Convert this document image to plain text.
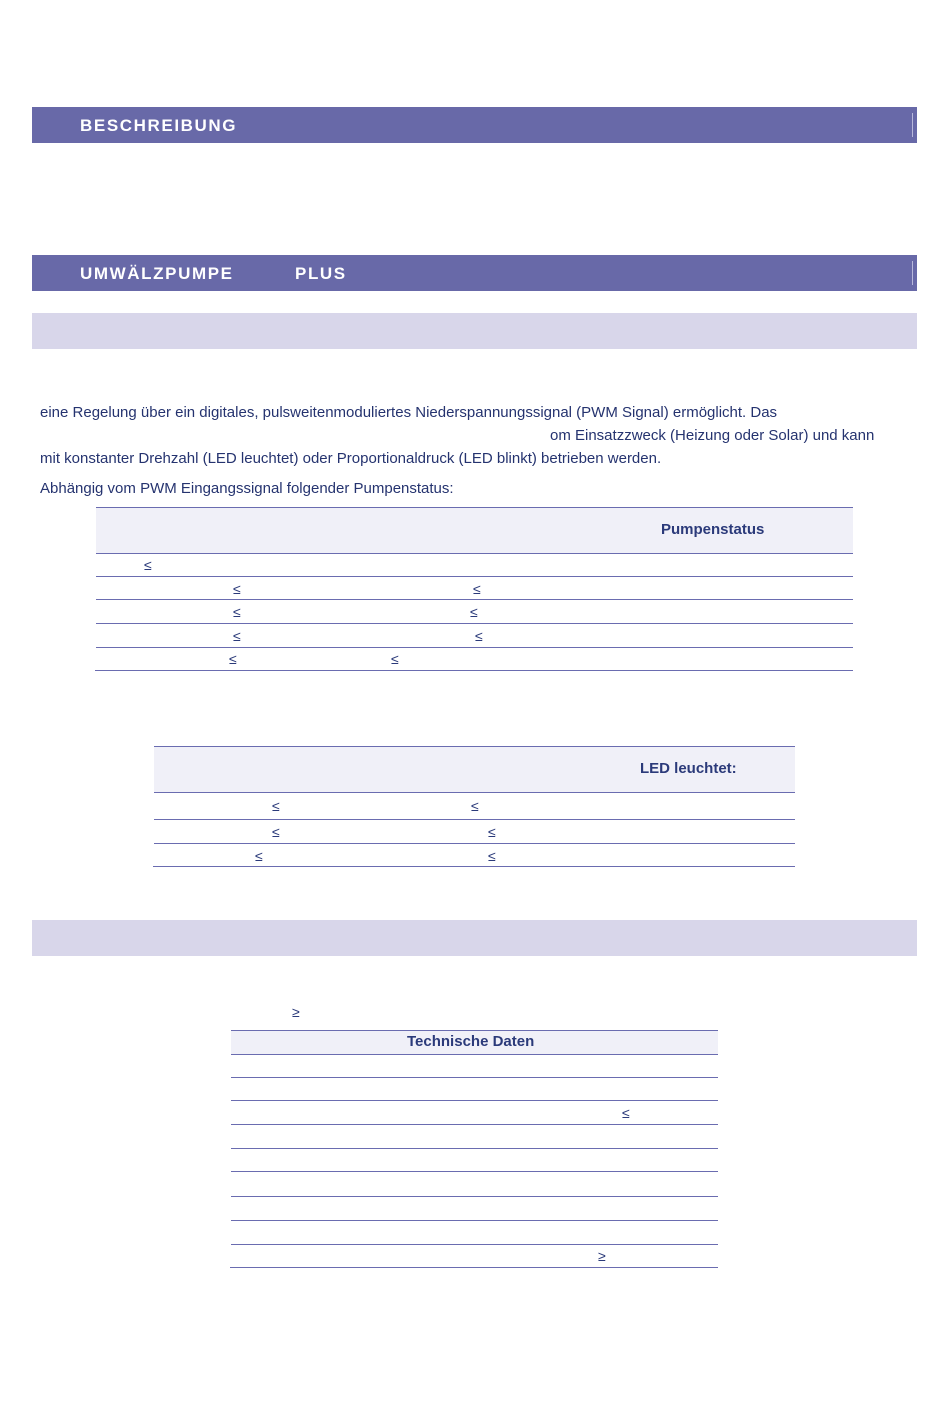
BESCHREIBUNG
UMWÄLZPUMPE	PLUS
eine Regelung über ein digitales, pulsweitenmoduliertes Niederspannungssignal (PWM Signal) ermöglicht. Das
om Einsatzzweck (Heizung oder Solar) und kann
mit konstanter Drehzahl (LED leuchtet) oder Proportionaldruck (LED blinkt) betrieben werden.
Abhängig vom PWM Eingangssignal folgender Pumpenstatus:
Pumpenstatus
≤
≤	≤
≤	≤
≤	≤
≤	≤
LED leuchtet:
≤	≤
≤	≤
≤	≤
≥
Technische Daten
≤
≥
